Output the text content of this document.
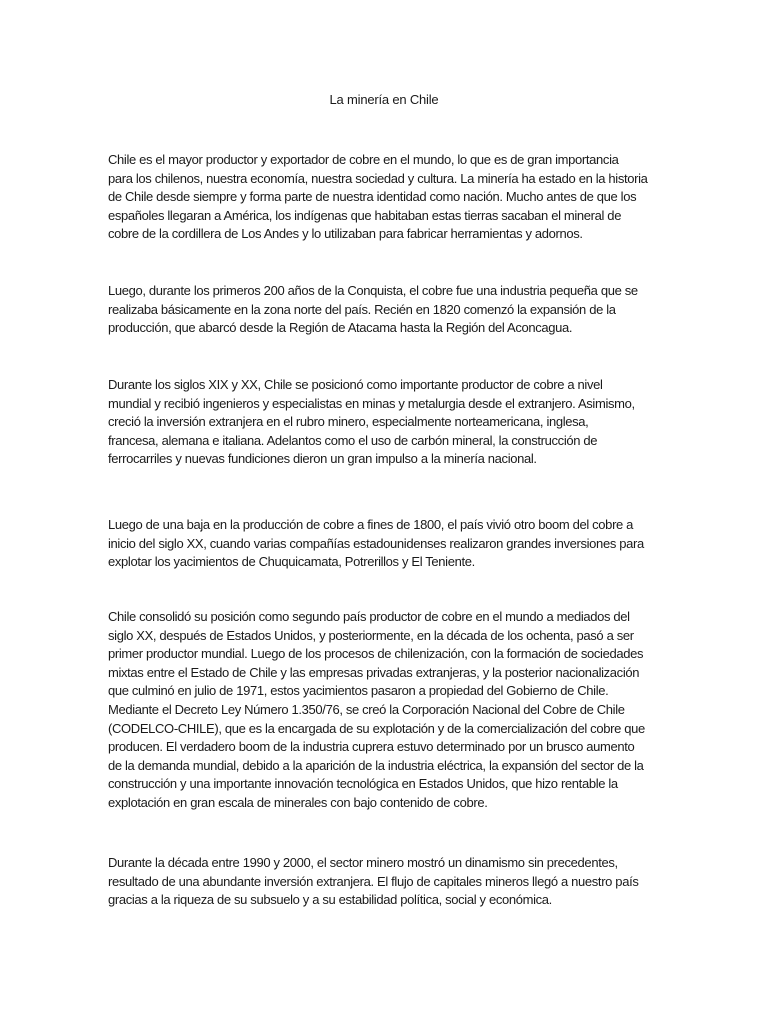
La minería en Chile
Chile es el mayor productor y exportador de cobre en el mundo, lo que es de gran importancia
para los chilenos, nuestra economía, nuestra sociedad y cultura. La minería ha estado en la historia
de Chile desde siempre y forma parte de nuestra identidad como nación. Mucho antes de que los
españoles llegaran a América, los indígenas que habitaban estas tierras sacaban el mineral de
cobre de la cordillera de Los Andes y lo utilizaban para fabricar herramientas y adornos.
Luego, durante los primeros 200 años de la Conquista, el cobre fue una industria pequeña que se
realizaba básicamente en la zona norte del país. Recién en 1820 comenzó la expansión de la
producción, que abarcó desde la Región de Atacama hasta la Región del Aconcagua.
Durante los siglos XIX y XX, Chile se posicionó como importante productor de cobre a nivel
mundial y recibió ingenieros y especialistas en minas y metalurgia desde el extranjero. Asimismo,
creció la inversión extranjera en el rubro minero, especialmente norteamericana, inglesa,
francesa, alemana e italiana. Adelantos como el uso de carbón mineral, la construcción de
ferrocarriles y nuevas fundiciones dieron un gran impulso a la minería nacional.
Luego de una baja en la producción de cobre a fines de 1800, el país vivió otro boom del cobre a
inicio del siglo XX, cuando varias compañías estadounidenses realizaron grandes inversiones para
explotar los yacimientos de Chuquicamata, Potrerillos y El Teniente.
Chile consolidó su posición como segundo país productor de cobre en el mundo a mediados del
siglo XX, después de Estados Unidos, y posteriormente, en la década de los ochenta, pasó a ser
primer productor mundial. Luego de los procesos de chilenización, con la formación de sociedades
mixtas entre el Estado de Chile y las empresas privadas extranjeras, y la posterior nacionalización
que culminó en julio de 1971, estos yacimientos pasaron a propiedad del Gobierno de Chile.
Mediante el Decreto Ley Número 1.350/76, se creó la Corporación Nacional del Cobre de Chile
(CODELCO-CHILE), que es la encargada de su explotación y de la comercialización del cobre que
producen. El verdadero boom de la industria cuprera estuvo determinado por un brusco aumento
de la demanda mundial, debido a la aparición de la industria eléctrica, la expansión del sector de la
construcción y una importante innovación tecnológica en Estados Unidos, que hizo rentable la
explotación en gran escala de minerales con bajo contenido de cobre.
Durante la década entre 1990 y 2000, el sector minero mostró un dinamismo sin precedentes,
resultado de una abundante inversión extranjera. El flujo de capitales mineros llegó a nuestro país
gracias a la riqueza de su subsuelo y a su estabilidad política, social y económica.
